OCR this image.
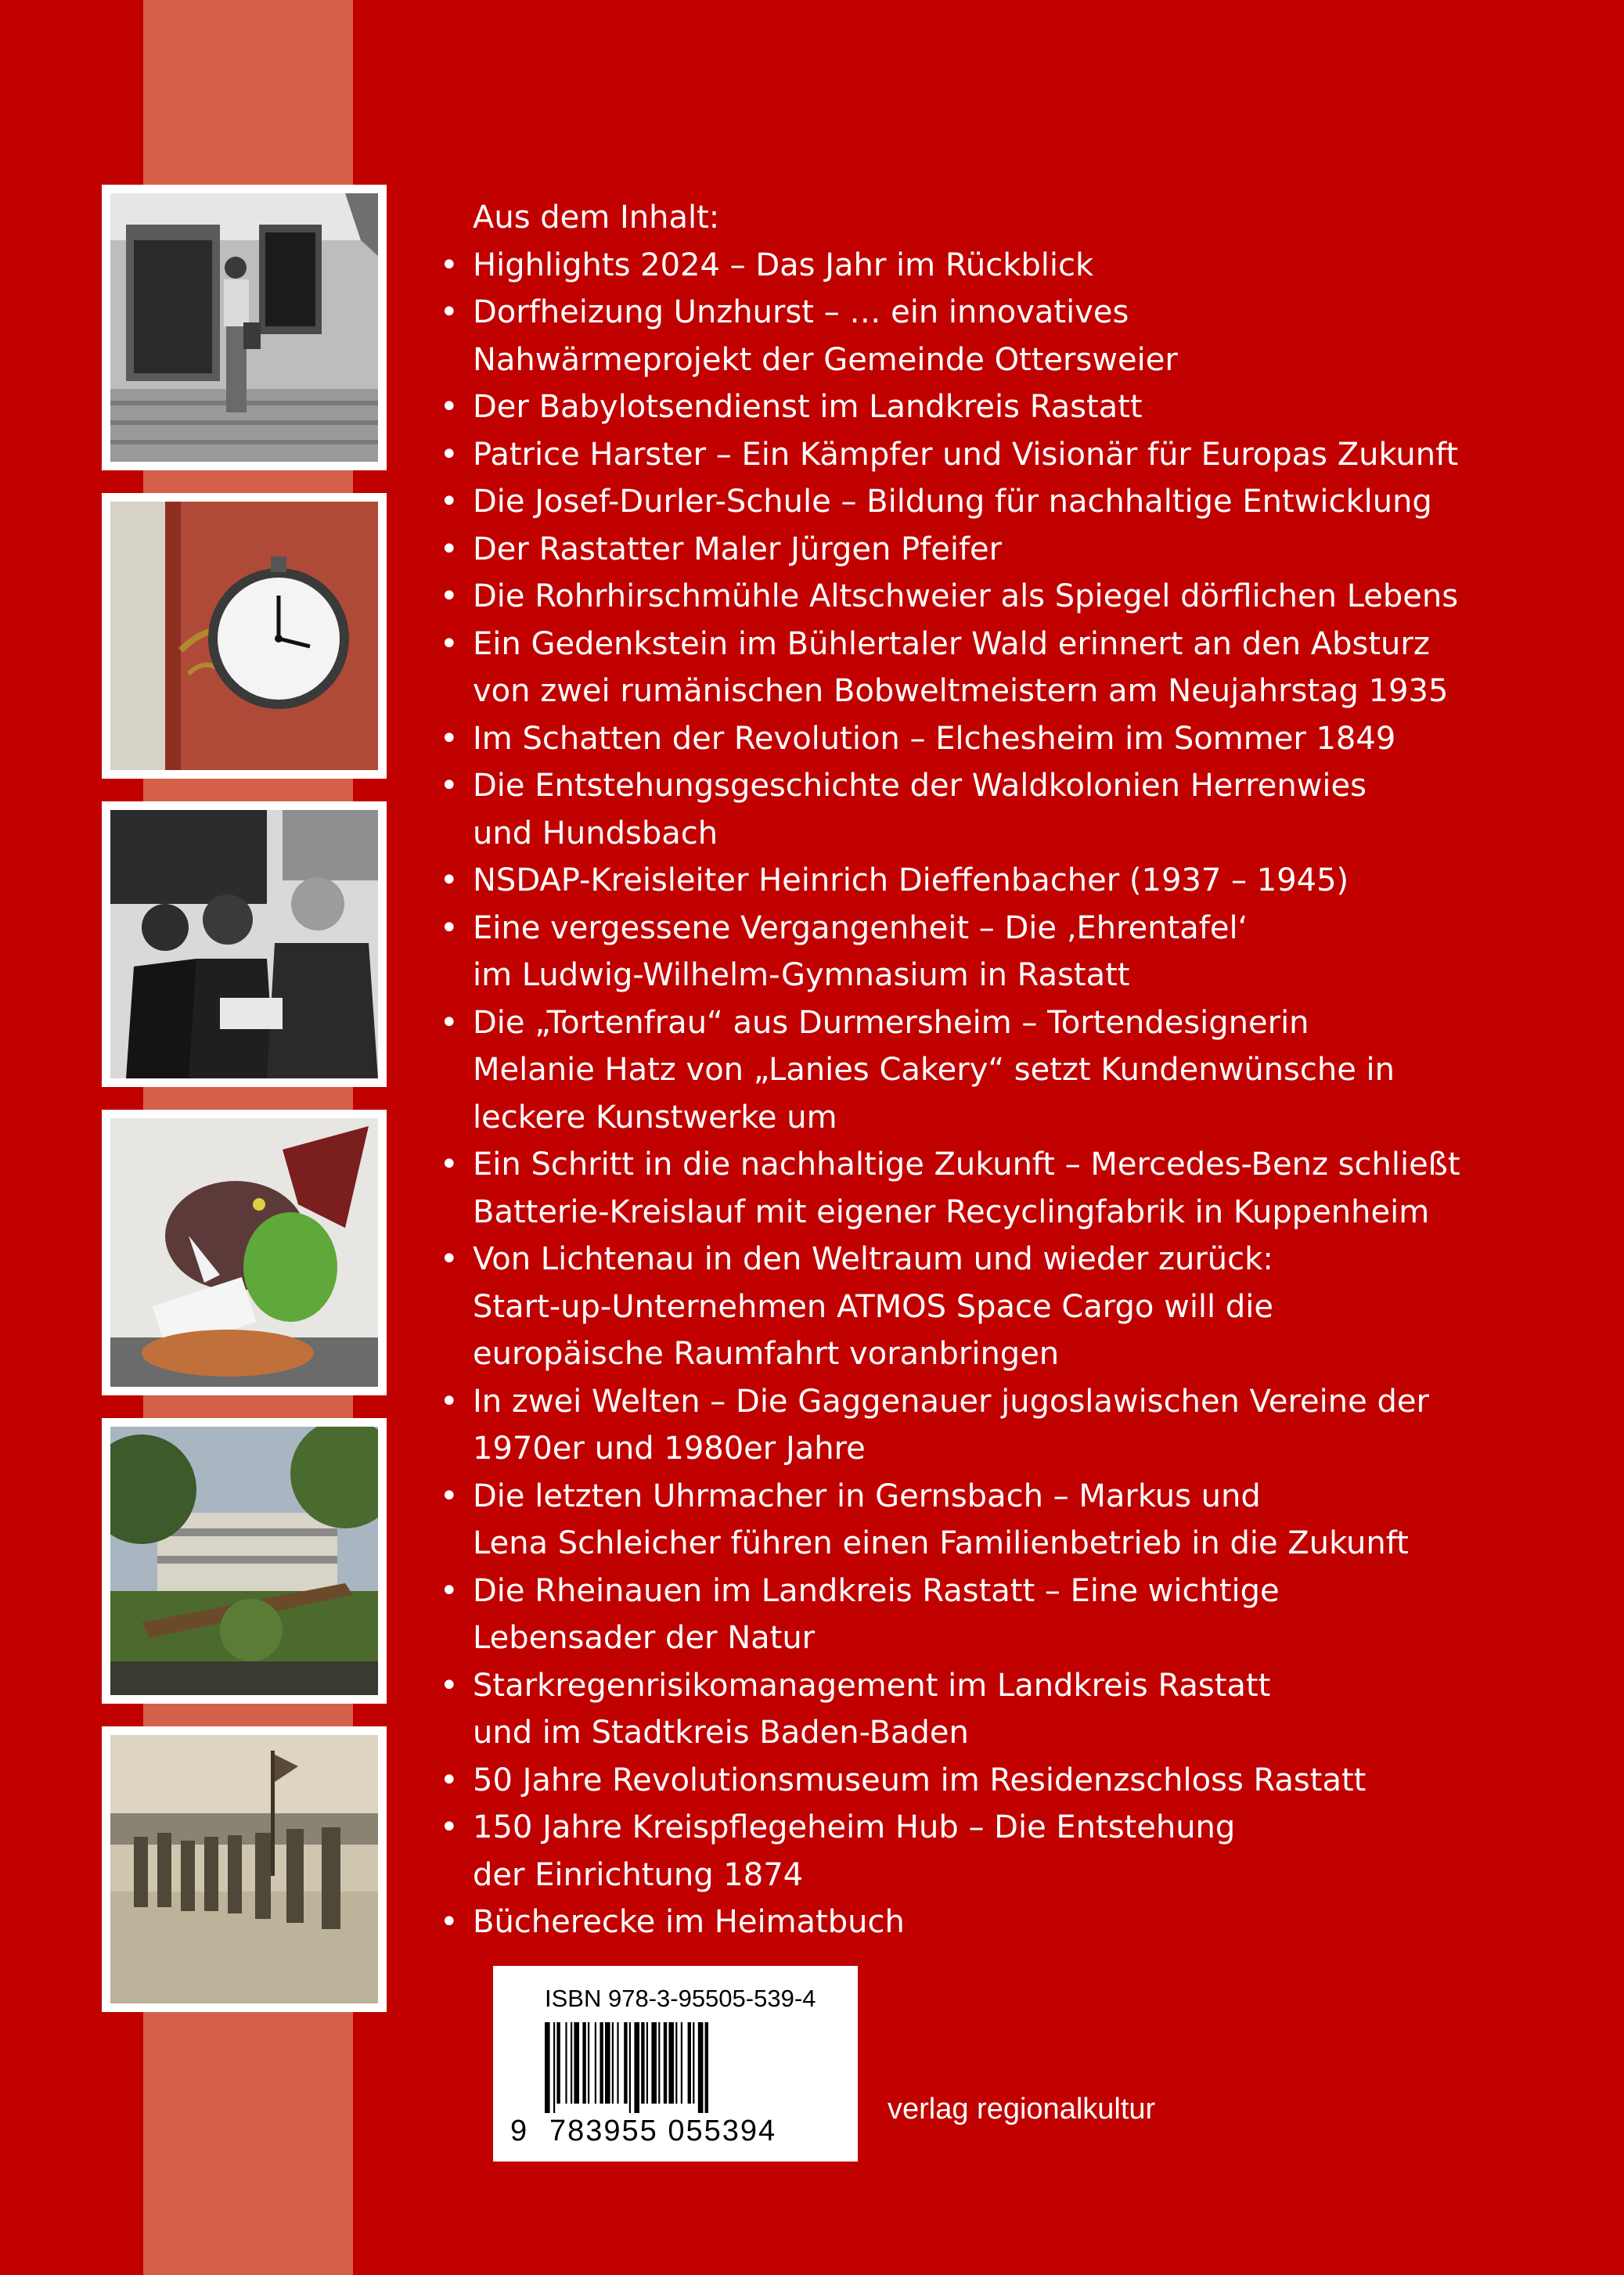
Aus dem Inhalt:

• Highlights 2024 – Das Jahr im Rückblick
• Dorfheizung Unzhurst – … ein innovatives
Nahwärmeprojekt der Gemeinde Ottersweier
• Der Babylotsendienst im Landkreis Rastatt
• Patrice Harster – Ein Kämpfer und Visionär für Europas Zukunft
• Die Josef-Durler-Schule – Bildung für nachhaltige Entwicklung
• Der Rastatter Maler Jürgen Pfeifer
• Die Rohrhirschmühle Altschweier als Spiegel dörflichen Lebens
• Ein Gedenkstein im Bühlertaler Wald erinnert an den Absturz
von zwei rumänischen Bobweltmeistern am Neujahrstag 1935
• Im Schatten der Revolution – Elchesheim im Sommer 1849
• Die Entstehungsgeschichte der Waldkolonien Herrenwies
und Hundsbach
• NSDAP-Kreisleiter Heinrich Dieffenbacher (1937 – 1945)
• Eine vergessene Vergangenheit – Die ‚Ehrentafel‘
im Ludwig-Wilhelm-Gymnasium in Rastatt
• Die „Tortenfrau“ aus Durmersheim – Tortendesignerin
Melanie Hatz von „Lanies Cakery“ setzt Kundenwünsche in
leckere Kunstwerke um
• Ein Schritt in die nachhaltige Zukunft – Mercedes-Benz schließt
Batterie-Kreislauf mit eigener Recyclingfabrik in Kuppenheim
• Von Lichtenau in den Weltraum und wieder zurück:
Start-up-Unternehmen ATMOS Space Cargo will die
europäische Raumfahrt voranbringen
• In zwei Welten – Die Gaggenauer jugoslawischen Vereine der
1970er und 1980er Jahre
• Die letzten Uhrmacher in Gernsbach – Markus und
Lena Schleicher führen einen Familienbetrieb in die Zukunft
• Die Rheinauen im Landkreis Rastatt – Eine wichtige
Lebensader der Natur
• Starkregenrisikomanagement im Landkreis Rastatt
und im Stadtkreis Baden-Baden
• 50 Jahre Revolutionsmuseum im Residenzschloss Rastatt
• 150 Jahre Kreispflegeheim Hub – Die Entstehung
der Einrichtung 1874
• Bücherecke im Heimatbuch
ISBN 978-3-95505-539-4
9 783955 055394
verlag regionalkultur
